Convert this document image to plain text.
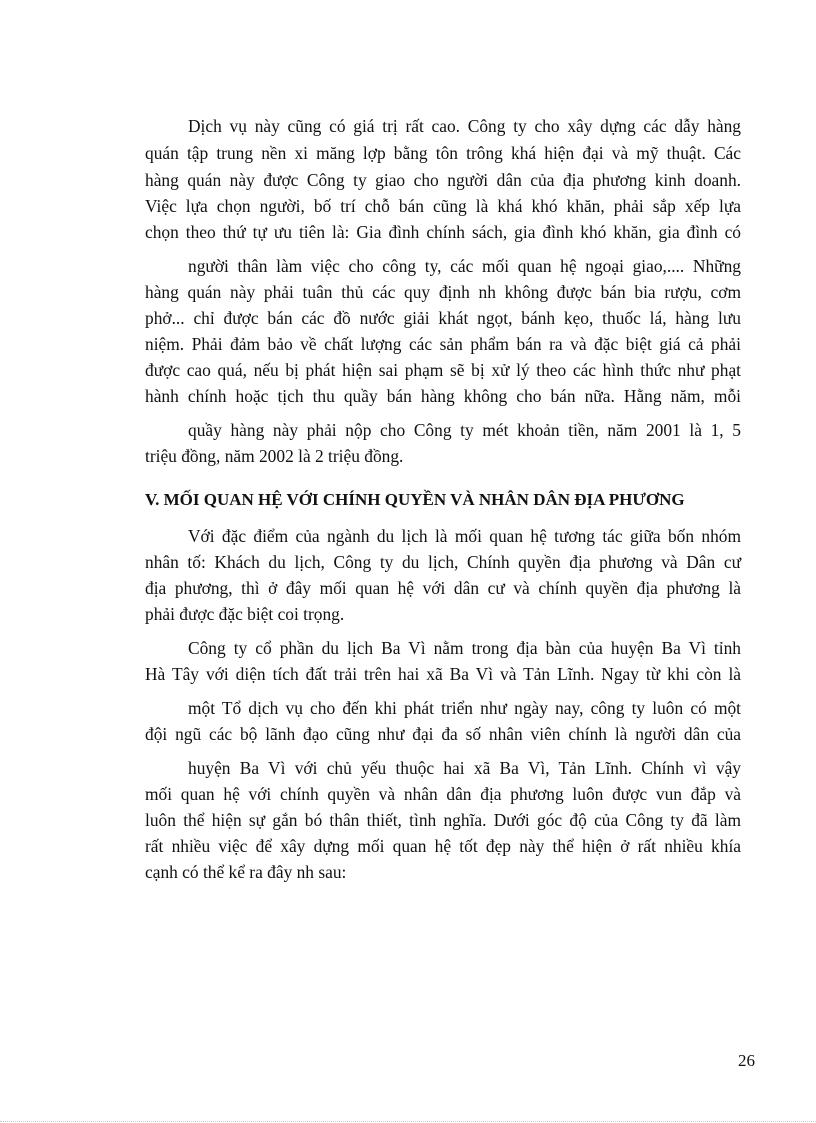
Dịch vụ này cũng có giá trị rất cao. Công ty cho xây dựng các dẫy hàng

quán tập trung nền xi măng lợp bằng tôn trông khá hiện đại và mỹ thuật. Các

hàng quán này được Công ty giao cho người dân của địa phương kinh doanh.

Việc lựa chọn người, bố trí chỗ bán cũng là khá khó khăn, phải sắp xếp lựa

chọn theo thứ tự ưu tiên là: Gia đình chính sách, gia đình khó khăn, gia đình có

người thân làm việc cho công ty, các mối quan hệ ngoại giao,.... Những

hàng quán này phải tuân thủ các quy định nh không được bán bia rượu, cơm

phở... chỉ được bán các đồ nước giải khát ngọt, bánh kẹo, thuốc lá, hàng lưu

niệm. Phải đảm bảo về chất lượng các sản phẩm bán ra và đặc biệt giá cả phải

được cao quá, nếu bị phát hiện sai phạm sẽ bị xử lý theo các hình thức như phạt

hành chính hoặc tịch thu quầy bán hàng không cho bán nữa. Hằng năm, mỗi

quầy hàng này phải nộp cho Công ty mét khoản tiền, năm 2001 là 1, 5

triệu đồng, năm 2002 là 2 triệu đồng.

V. MỐI QUAN HỆ VỚI CHÍNH QUYỀN VÀ NHÂN DÂN ĐỊA PHƯƠNG

Với đặc điểm của ngành du lịch là mối quan hệ tương tác giữa bốn nhóm

nhân tố: Khách du lịch, Công ty du lịch, Chính quyền địa phương và Dân cư

địa phương, thì ở đây mối quan hệ với dân cư và chính quyền địa phương là

phải được đặc biệt coi trọng.

Công ty cổ phần du lịch Ba Vì nằm trong địa bàn của huyện Ba Vì tỉnh

Hà Tây với diện tích đất trải trên hai xã Ba Vì và Tản Lĩnh. Ngay từ khi còn là

một Tổ dịch vụ cho đến khi phát triển như ngày nay, công ty luôn có một

đội ngũ các bộ lãnh đạo cũng như đại đa số nhân viên chính là người dân của

huyện Ba Vì với chủ yếu thuộc hai xã Ba Vì, Tản Lĩnh. Chính vì vậy

mối quan hệ với chính quyền và nhân dân địa phương luôn được vun đắp và

luôn thể hiện sự gắn bó thân thiết, tình nghĩa. Dưới góc độ của Công ty đã làm

rất nhiều việc để xây dựng mối quan hệ tốt đẹp này thể hiện ở rất nhiều khía

cạnh có thể kể ra đây nh sau:

26
